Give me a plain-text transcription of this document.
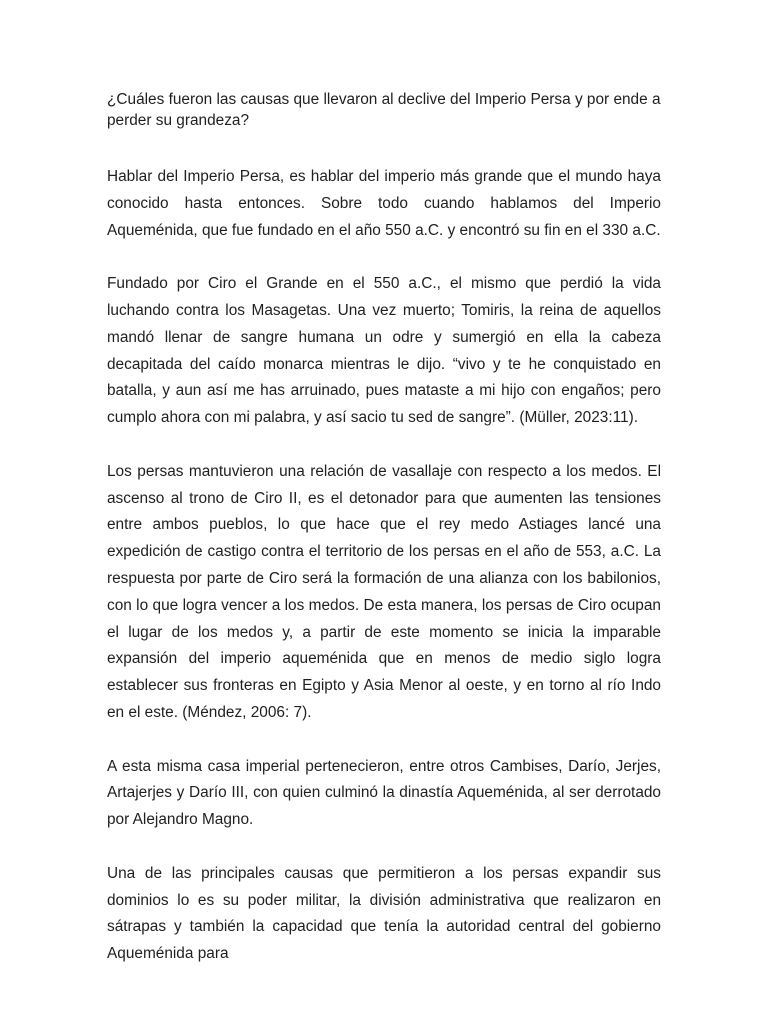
¿Cuáles fueron las causas que llevaron al declive del Imperio Persa y por ende a perder su grandeza?

Hablar del Imperio Persa, es hablar del imperio más grande que el mundo haya conocido hasta entonces. Sobre todo cuando hablamos del Imperio Aqueménida, que fue fundado en el año 550 a.C. y encontró su fin en el 330 a.C.

Fundado por Ciro el Grande en el 550 a.C., el mismo que perdió la vida luchando contra los Masagetas. Una vez muerto; Tomiris, la reina de aquellos mandó llenar de sangre humana un odre y sumergió en ella la cabeza decapitada del caído monarca mientras le dijo. “vivo y te he conquistado en batalla, y aun así me has arruinado, pues mataste a mi hijo con engaños; pero cumplo ahora con mi palabra, y así sacio tu sed de sangre”. (Müller, 2023:11).

Los persas mantuvieron una relación de vasallaje con respecto a los medos. El ascenso al trono de Ciro II, es el detonador para que aumenten las tensiones entre ambos pueblos, lo que hace que el rey medo Astiages lancé una expedición de castigo contra el territorio de los persas en el año de 553, a.C. La respuesta por parte de Ciro será la formación de una alianza con los babilonios, con lo que logra vencer a los medos. De esta manera, los persas de Ciro ocupan el lugar de los medos y, a partir de este momento se inicia la imparable expansión del imperio aqueménida que en menos de medio siglo logra establecer sus fronteras en Egipto y Asia Menor al oeste, y en torno al río Indo en el este. (Méndez, 2006: 7).

A esta misma casa imperial pertenecieron, entre otros Cambises, Darío, Jerjes, Artajerjes y Darío III, con quien culminó la dinastía Aqueménida, al ser derrotado por Alejandro Magno.

Una de las principales causas que permitieron a los persas expandir sus dominios lo es su poder militar, la división administrativa que realizaron en sátrapas y también la capacidad que tenía la autoridad central del gobierno Aqueménida para
